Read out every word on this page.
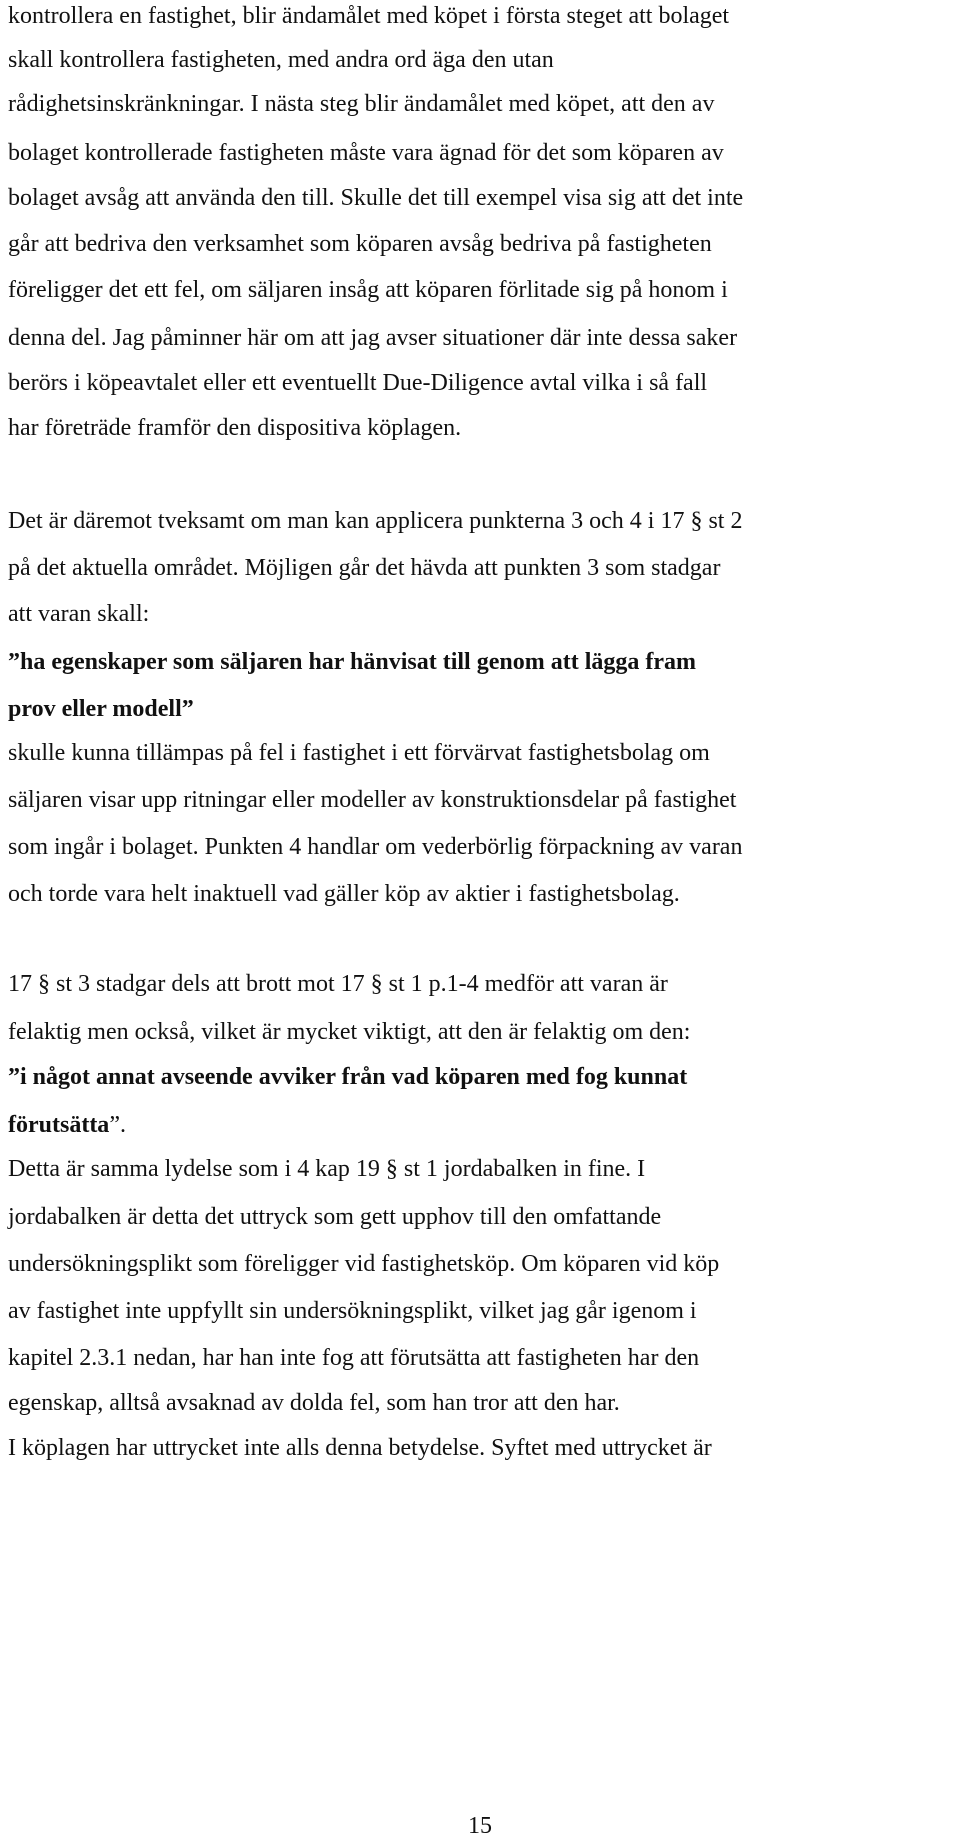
kontrollera en fastighet, blir ändamålet med köpet i första steget att bolaget
skall kontrollera fastigheten, med andra ord äga den utan
rådighetsinskränkningar. I nästa steg blir ändamålet med köpet, att den av
bolaget kontrollerade fastigheten måste vara ägnad för det som köparen av
bolaget avsåg att använda den till. Skulle det till exempel visa sig att det inte
går att bedriva den verksamhet som köparen avsåg bedriva på fastigheten
föreligger det ett fel, om säljaren insåg att köparen förlitade sig på honom i
denna del. Jag påminner här om att jag avser situationer där inte dessa saker
berörs i köpeavtalet eller ett eventuellt Due-Diligence avtal vilka i så fall
har företräde framför den dispositiva köplagen.
Det är däremot tveksamt om man kan applicera punkterna 3 och 4 i 17 § st 2
på det aktuella området. Möjligen går det hävda att punkten 3 som stadgar
att varan skall:
”ha egenskaper som säljaren har hänvisat till genom att lägga fram
prov eller modell”
skulle kunna tillämpas på fel i fastighet i ett förvärvat fastighetsbolag om
säljaren visar upp ritningar eller modeller av konstruktionsdelar på fastighet
som ingår i bolaget. Punkten 4 handlar om vederbörlig förpackning av varan
och torde vara helt inaktuell vad gäller köp av aktier i fastighetsbolag.
17 § st 3 stadgar dels att brott mot 17 § st 1 p.1-4 medför att varan är
felaktig men också, vilket är mycket viktigt, att den är felaktig om den:
”i något annat avseende avviker från vad köparen med fog kunnat
förutsätta”.
Detta är samma lydelse som i 4 kap 19 § st 1 jordabalken in fine. I
jordabalken är detta det uttryck som gett upphov till den omfattande
undersökningsplikt som föreligger vid fastighetsköp. Om köparen vid köp
av fastighet inte uppfyllt sin undersökningsplikt, vilket jag går igenom i
kapitel 2.3.1 nedan, har han inte fog att förutsätta att fastigheten har den
egenskap, alltså avsaknad av dolda fel, som han tror att den har.
I köplagen har uttrycket inte alls denna betydelse. Syftet med uttrycket är
15
